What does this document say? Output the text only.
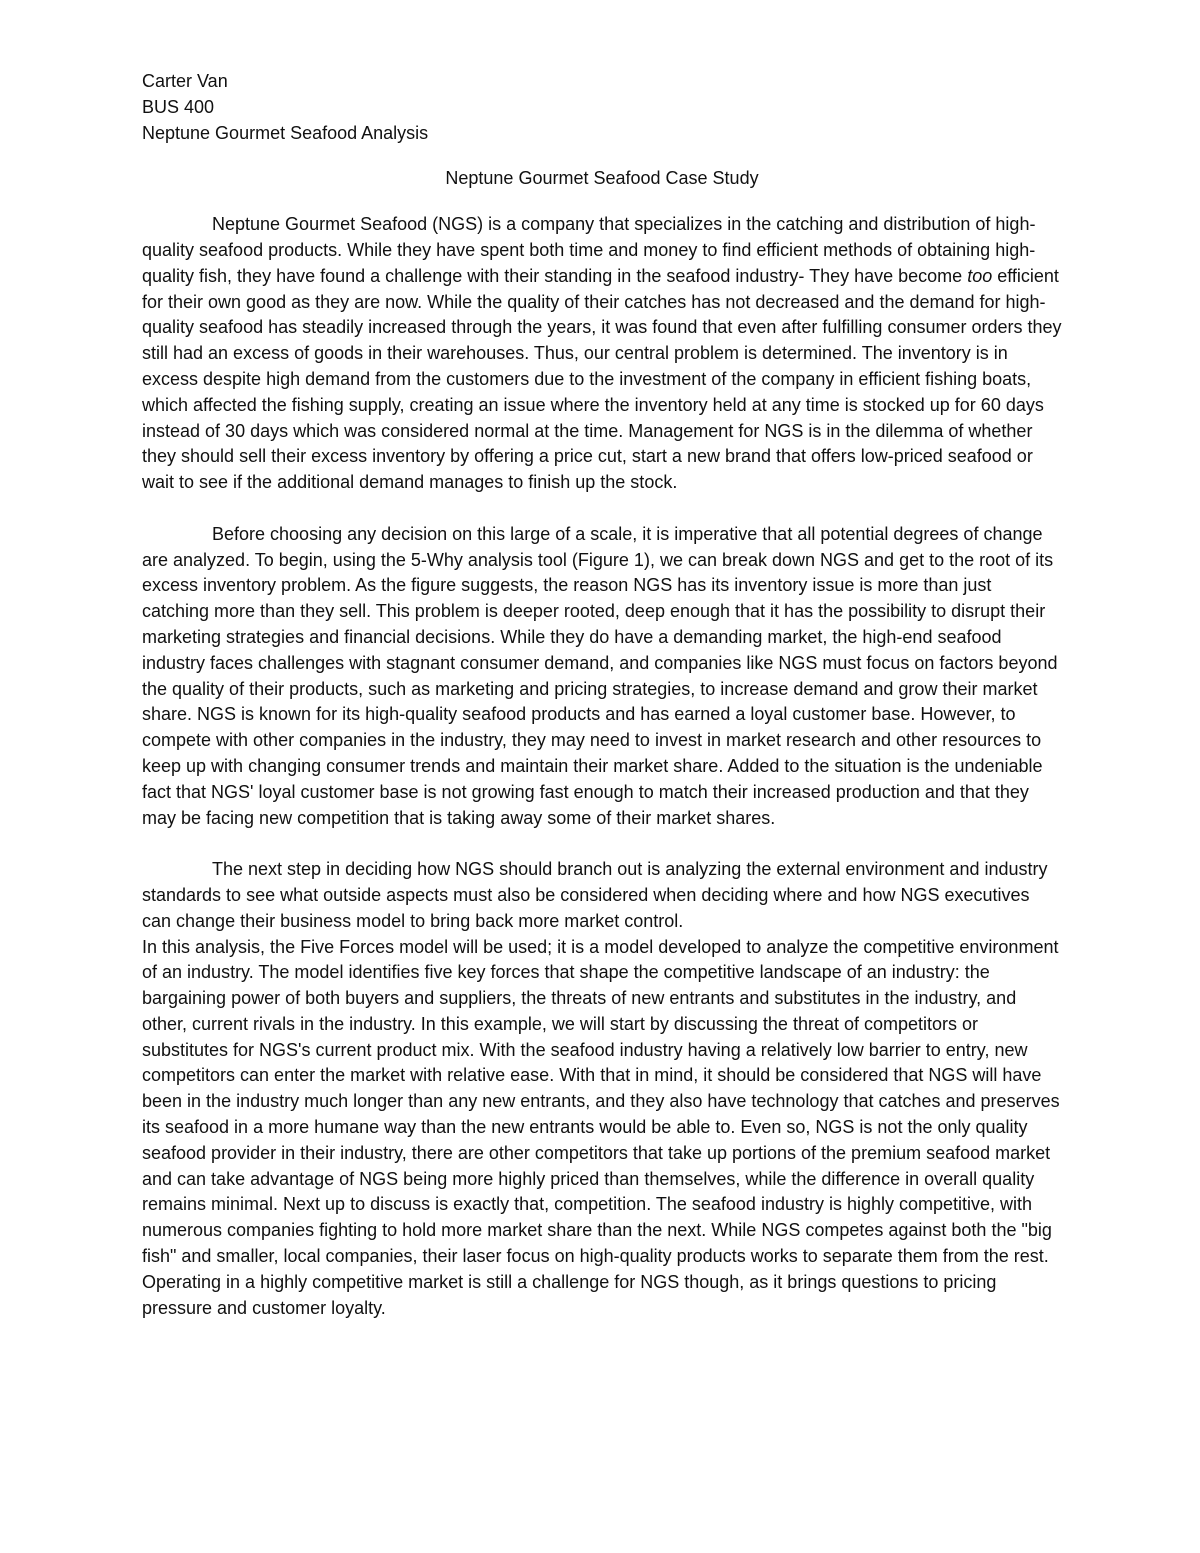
Carter Van
BUS 400
Neptune Gourmet Seafood Analysis
Neptune Gourmet Seafood Case Study

Neptune Gourmet Seafood (NGS) is a company that specializes in the catching and distribution of high-quality seafood products. While they have spent both time and money to find efficient methods of obtaining high-quality fish, they have found a challenge with their standing in the seafood industry- They have become too efficient for their own good as they are now. While the quality of their catches has not decreased and the demand for high-quality seafood has steadily increased through the years, it was found that even after fulfilling consumer orders they still had an excess of goods in their warehouses. Thus, our central problem is determined. The inventory is in excess despite high demand from the customers due to the investment of the company in efficient fishing boats, which affected the fishing supply, creating an issue where the inventory held at any time is stocked up for 60 days instead of 30 days which was considered normal at the time. Management for NGS is in the dilemma of whether they should sell their excess inventory by offering a price cut, start a new brand that offers low-priced seafood or wait to see if the additional demand manages to finish up the stock.

Before choosing any decision on this large of a scale, it is imperative that all potential degrees of change are analyzed. To begin, using the 5-Why analysis tool (Figure 1), we can break down NGS and get to the root of its excess inventory problem. As the figure suggests, the reason NGS has its inventory issue is more than just catching more than they sell. This problem is deeper rooted, deep enough that it has the possibility to disrupt their marketing strategies and financial decisions. While they do have a demanding market, the high-end seafood industry faces challenges with stagnant consumer demand, and companies like NGS must focus on factors beyond the quality of their products, such as marketing and pricing strategies, to increase demand and grow their market share. NGS is known for its high-quality seafood products and has earned a loyal customer base. However, to compete with other companies in the industry, they may need to invest in market research and other resources to keep up with changing consumer trends and maintain their market share. Added to the situation is the undeniable fact that NGS' loyal customer base is not growing fast enough to match their increased production and that they may be facing new competition that is taking away some of their market shares.

The next step in deciding how NGS should branch out is analyzing the external environment and industry standards to see what outside aspects must also be considered when deciding where and how NGS executives can change their business model to bring back more market control.

In this analysis, the Five Forces model will be used; it is a model developed to analyze the competitive environment of an industry. The model identifies five key forces that shape the competitive landscape of an industry: the bargaining power of both buyers and suppliers, the threats of new entrants and substitutes in the industry, and other, current rivals in the industry. In this example, we will start by discussing the threat of competitors or substitutes for NGS's current product mix. With the seafood industry having a relatively low barrier to entry, new competitors can enter the market with relative ease. With that in mind, it should be considered that NGS will have been in the industry much longer than any new entrants, and they also have technology that catches and preserves its seafood in a more humane way than the new entrants would be able to. Even so, NGS is not the only quality seafood provider in their industry, there are other competitors that take up portions of the premium seafood market and can take advantage of NGS being more highly priced than themselves, while the difference in overall quality remains minimal. Next up to discuss is exactly that, competition. The seafood industry is highly competitive, with numerous companies fighting to hold more market share than the next. While NGS competes against both the "big fish" and smaller, local companies, their laser focus on high-quality products works to separate them from the rest. Operating in a highly competitive market is still a challenge for NGS though, as it brings questions to pricing pressure and customer loyalty.
